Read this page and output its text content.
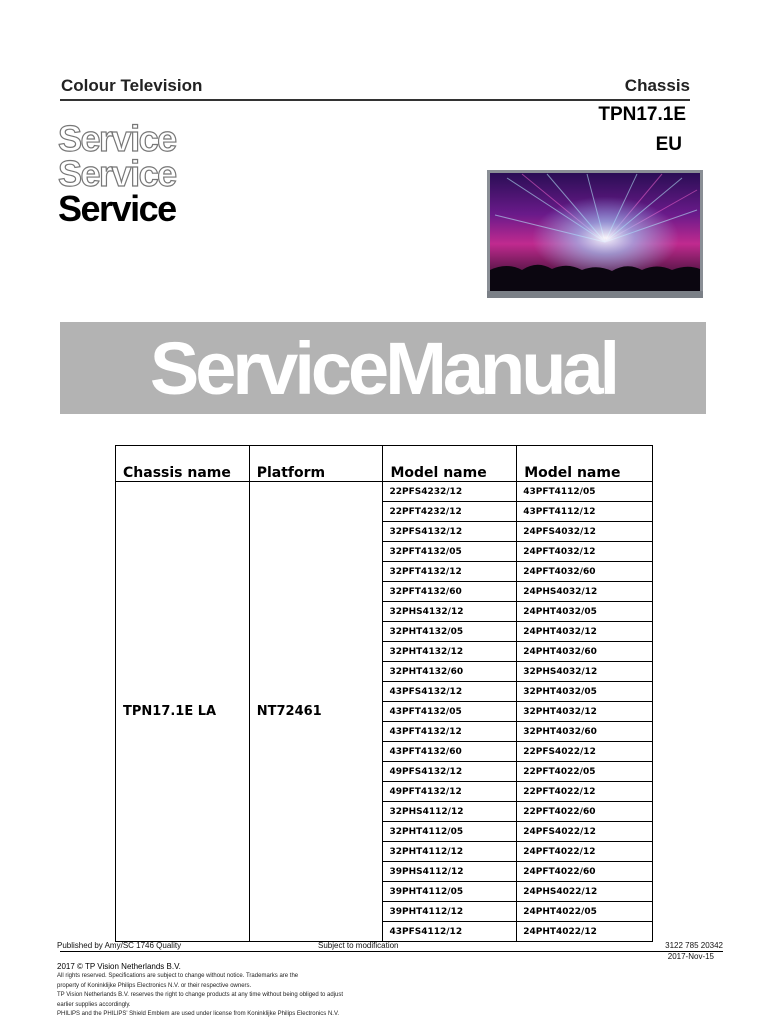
Colour Television	Chassis
TPN17.1E
EU
Service
Service
Service
ServiceManual
Chassis name	Platform	Model name	Model name
TPN17.1E LA	NT72461	22PFS4232/12	43PFT4112/05
		22PFT4232/12	43PFT4112/12
		32PFS4132/12	24PFS4032/12
		32PFT4132/05	24PFT4032/12
		32PFT4132/12	24PFT4032/60
		32PFT4132/60	24PHS4032/12
		32PHS4132/12	24PHT4032/05
		32PHT4132/05	24PHT4032/12
		32PHT4132/12	24PHT4032/60
		32PHT4132/60	32PHS4032/12
		43PFS4132/12	32PHT4032/05
		43PFT4132/05	32PHT4032/12
		43PFT4132/12	32PHT4032/60
		43PFT4132/60	22PFS4022/12
		49PFS4132/12	22PFT4022/05
		49PFT4132/12	22PFT4022/12
		32PHS4112/12	22PFT4022/60
		32PHT4112/05	24PFS4022/12
		32PHT4112/12	24PFT4022/12
		39PHS4112/12	24PFT4022/60
		39PHT4112/05	24PHS4022/12
		39PHT4112/12	24PHT4022/05
		43PFS4112/12	24PHT4022/12
Published by Amy/SC 1746 Quality	Subject to modification	3122 785 20342
2017-Nov-15
2017 © TP Vision Netherlands B.V.
All rights reserved. Specifications are subject to change without notice. Trademarks are the
property of Koninklijke Philips Electronics N.V. or their respective owners.
TP Vision Netherlands B.V. reserves the right to change products at any time without being obliged to adjust
earlier supplies accordingly.
PHILIPS and the PHILIPS' Shield Emblem are used under license from Koninklijke Philips Electronics N.V.
